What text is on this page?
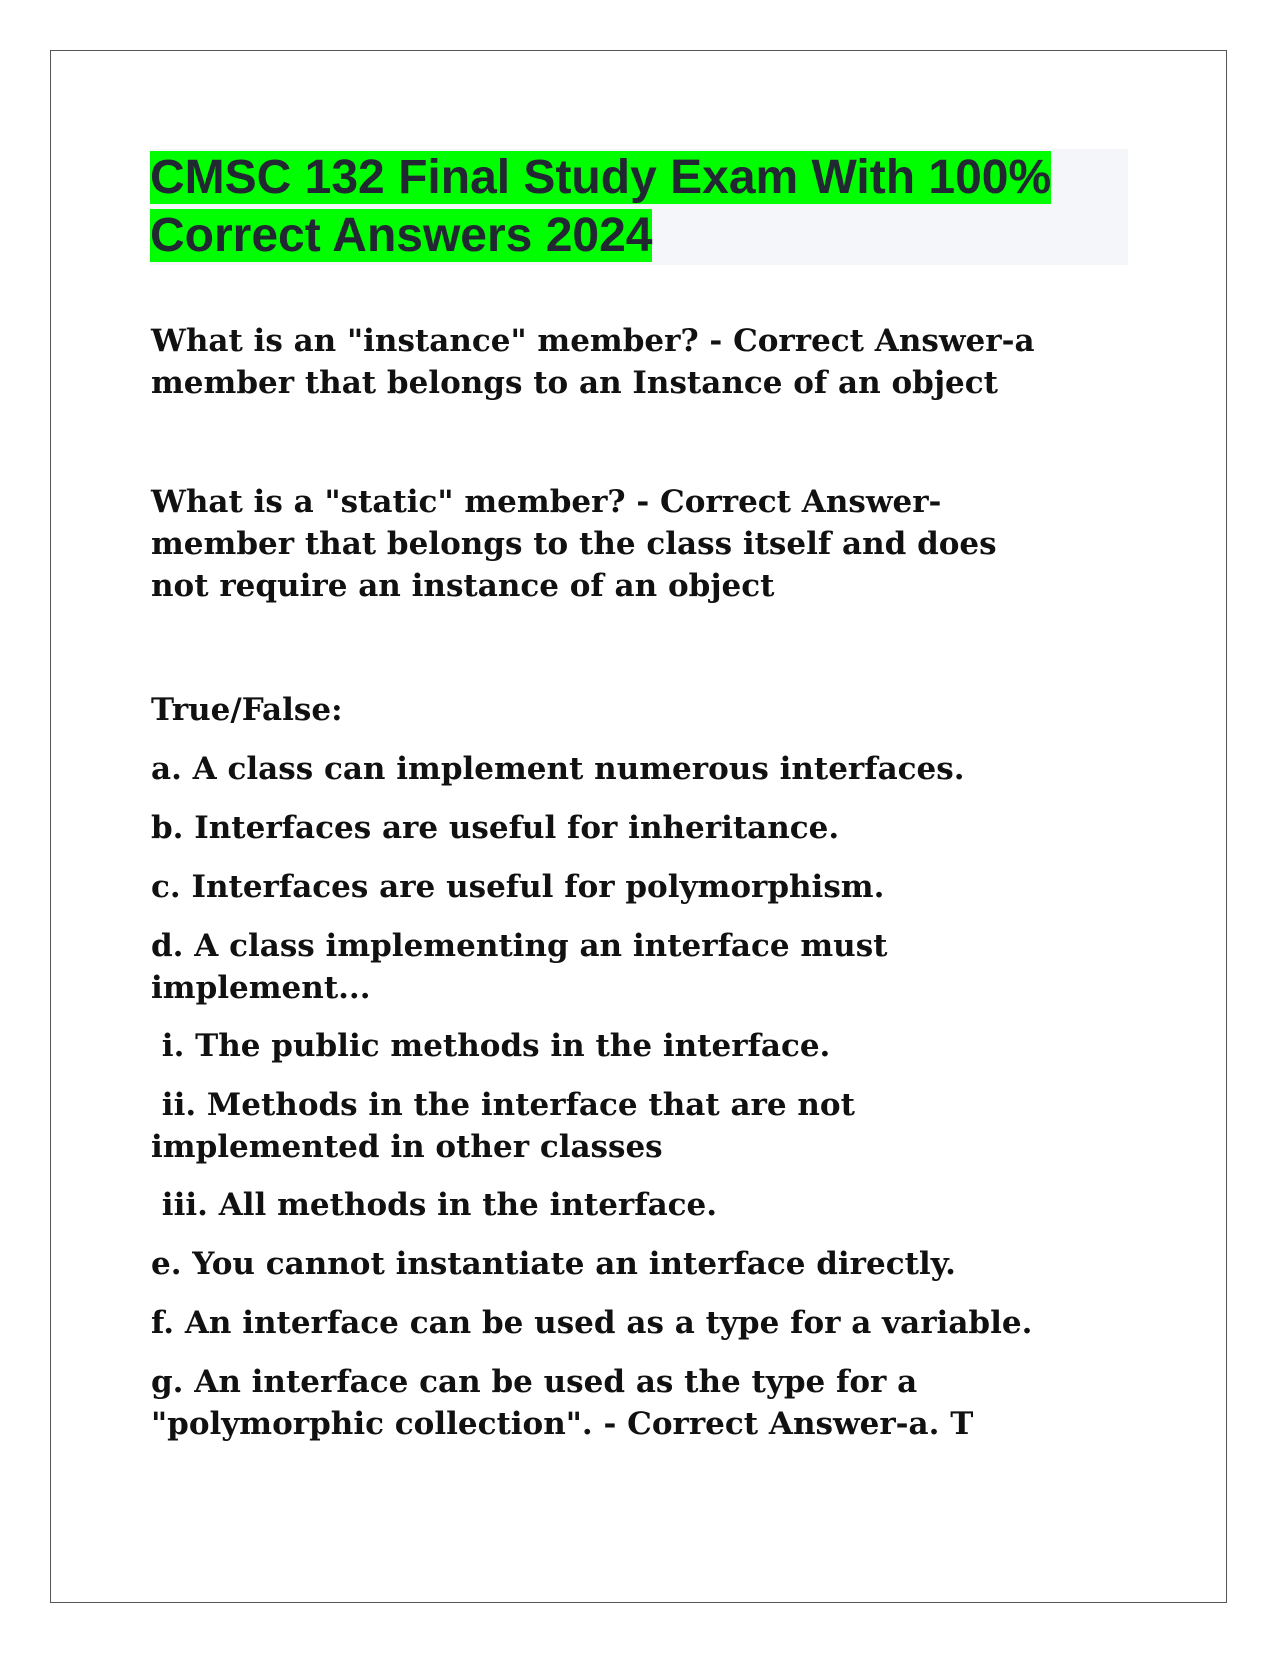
CMSC 132 Final Study Exam With 100%
Correct Answers 2024

What is an "instance" member? - Correct Answer-a
member that belongs to an Instance of an object

What is a "static" member? - Correct Answer-
member that belongs to the class itself and does
not require an instance of an object

True/False:
a. A class can implement numerous interfaces.
b. Interfaces are useful for inheritance.
c. Interfaces are useful for polymorphism.
d. A class implementing an interface must
implement...
i. The public methods in the interface.
ii. Methods in the interface that are not
implemented in other classes
iii. All methods in the interface.
e. You cannot instantiate an interface directly.
f. An interface can be used as a type for a variable.
g. An interface can be used as the type for a
"polymorphic collection". - Correct Answer-a. T
